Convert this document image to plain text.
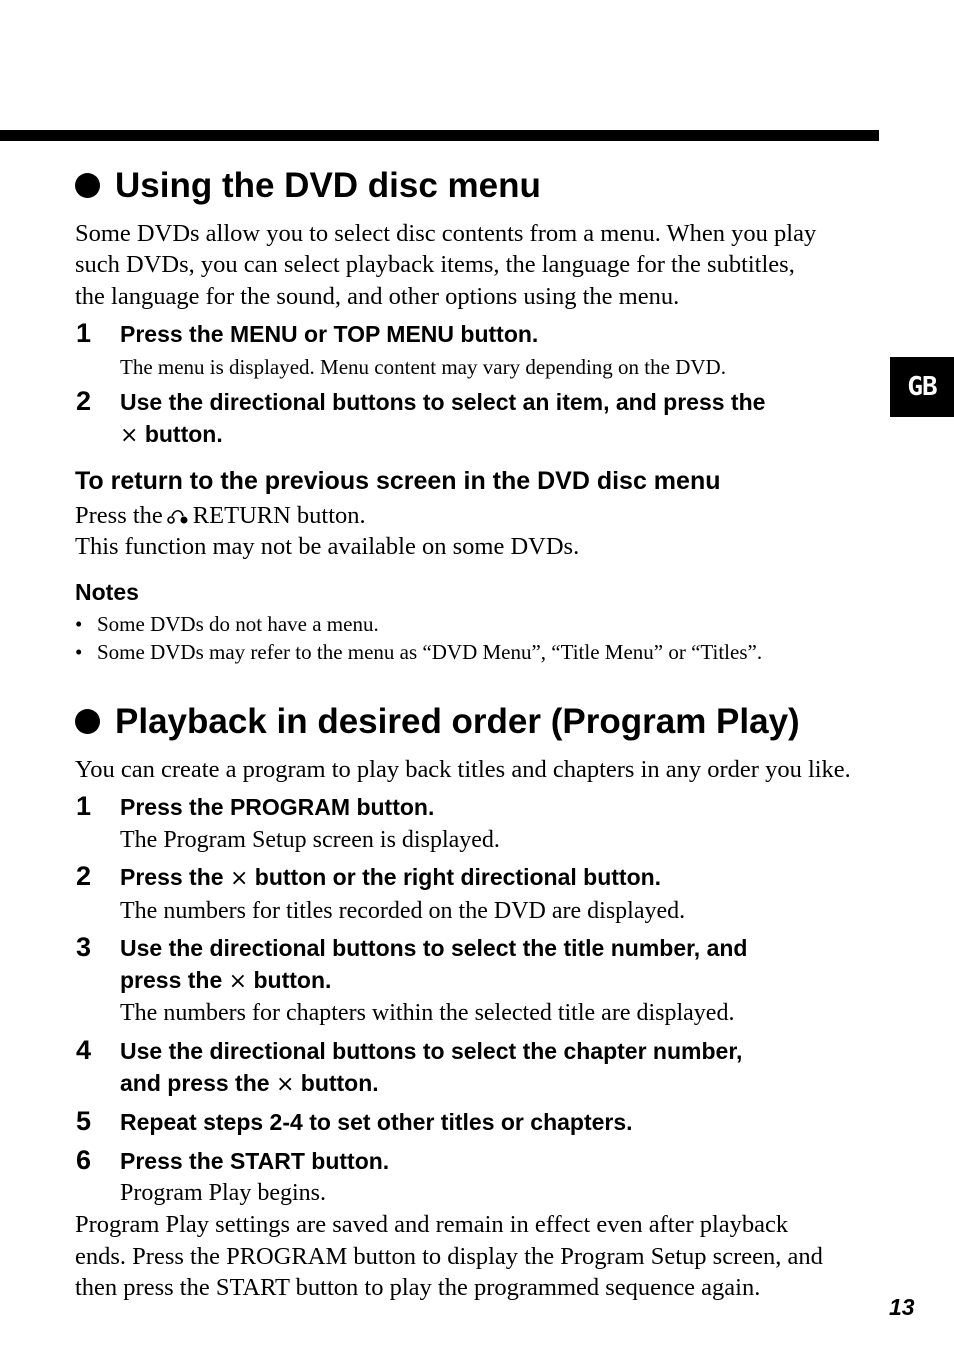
GB
Using the DVD disc menu

Some DVDs allow you to select disc contents from a menu. When you play

such DVDs, you can select playback items, the language for the subtitles,

the language for the sound, and other options using the menu.

1 Press the MENU or TOP MENU button.

The menu is displayed. Menu content may vary depending on the DVD.

2 Use the directional buttons to select an item, and press the

× button.

To return to the previous screen in the DVD disc menu

Press the RETURN button.

This function may not be available on some DVDs.

Notes

• Some DVDs do not have a menu.

• Some DVDs may refer to the menu as “DVD Menu”, “Title Menu” or “Titles”.

Playback in desired order (Program Play)

You can create a program to play back titles and chapters in any order you like.

1 Press the PROGRAM button.

The Program Setup screen is displayed.

2 Press the × button or the right directional button.

The numbers for titles recorded on the DVD are displayed.

3 Use the directional buttons to select the title number, and

press the × button.

The numbers for chapters within the selected title are displayed.

4 Use the directional buttons to select the chapter number,

and press the × button.

5 Repeat steps 2-4 to set other titles or chapters.

6 Press the START button.

Program Play begins.

Program Play settings are saved and remain in effect even after playback

ends. Press the PROGRAM button to display the Program Setup screen, and

then press the START button to play the programmed sequence again.

13
